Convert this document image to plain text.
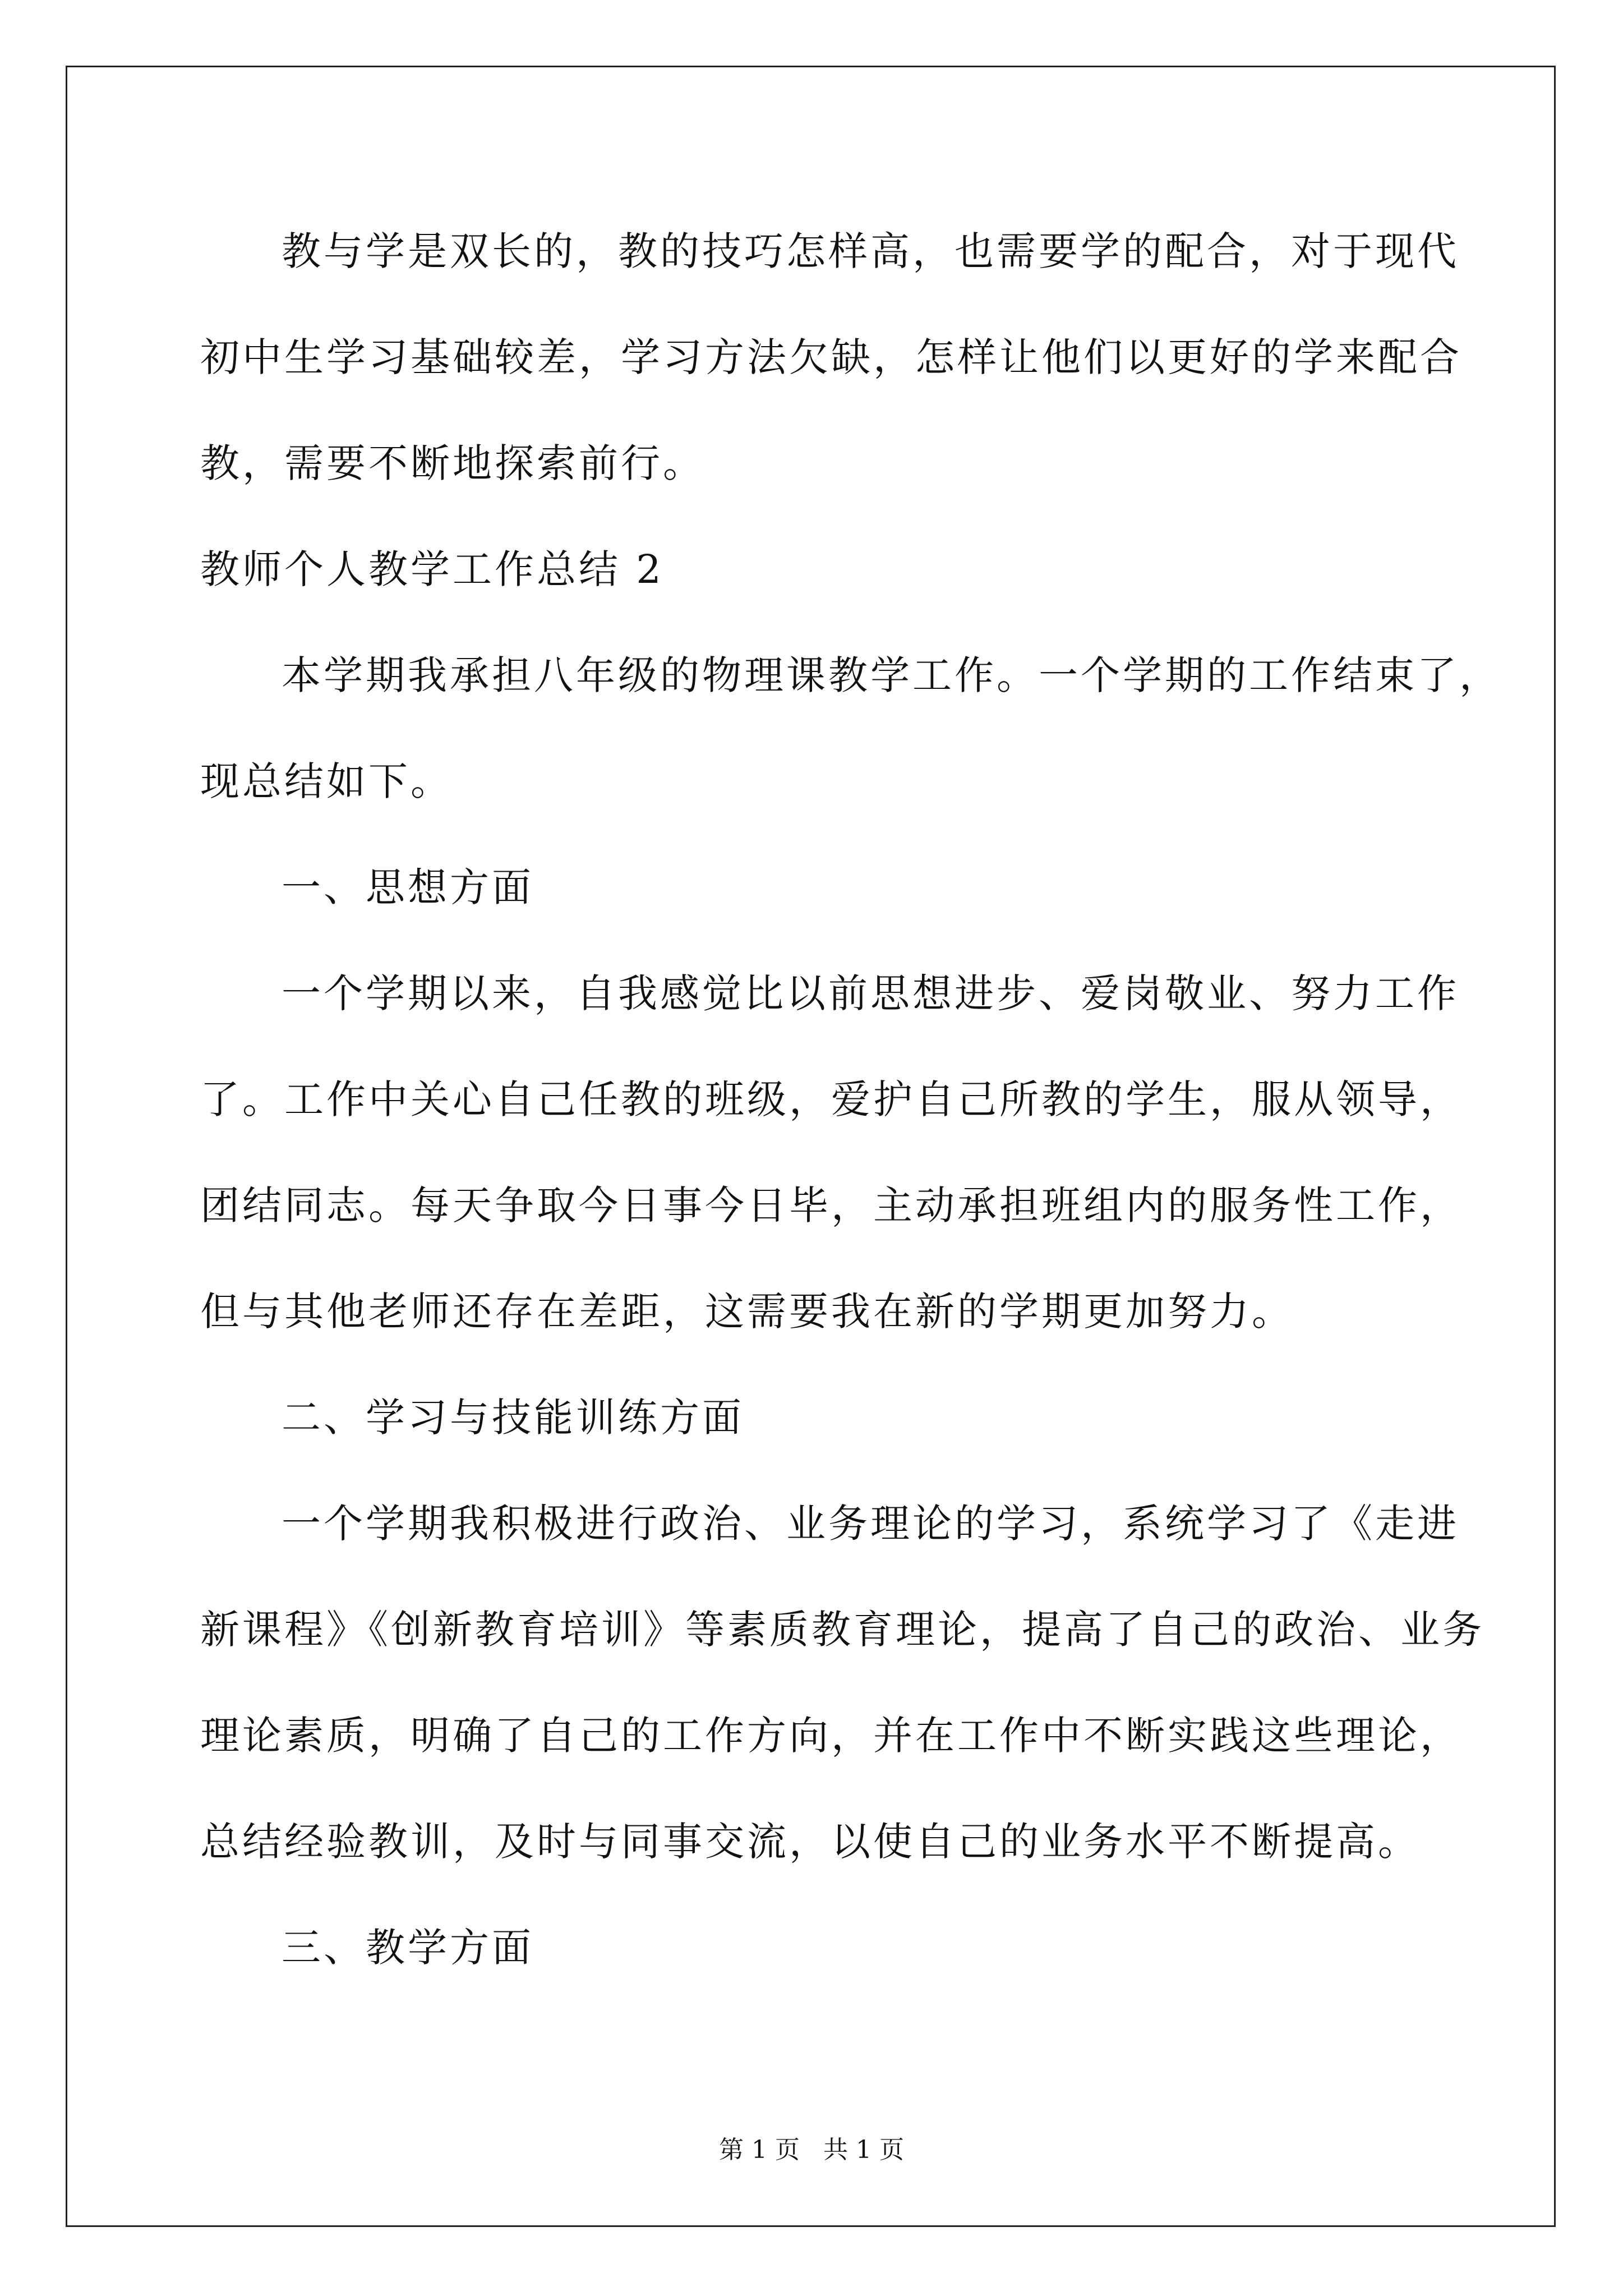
教与学是双长的，教的技巧怎样高，也需要学的配合，对于现代
初中生学习基础较差，学习方法欠缺，怎样让他们以更好的学来配合
教，需要不断地探索前行。
教师个人教学工作总结 2
本学期我承担八年级的物理课教学工作。一个学期的工作结束了，
现总结如下。
一、思想方面
一个学期以来，自我感觉比以前思想进步、爱岗敬业、努力工作
了。工作中关心自己任教的班级，爱护自己所教的学生，服从领导，
团结同志。每天争取今日事今日毕，主动承担班组内的服务性工作，
但与其他老师还存在差距，这需要我在新的学期更加努力。
二、学习与技能训练方面
一个学期我积极进行政治、业务理论的学习，系统学习了《走进
新课程》《创新教育培训》等素质教育理论，提高了自己的政治、业务
理论素质，明确了自己的工作方向，并在工作中不断实践这些理论，
总结经验教训，及时与同事交流，以使自己的业务水平不断提高。
三、教学方面
第 1 页   共 1 页
